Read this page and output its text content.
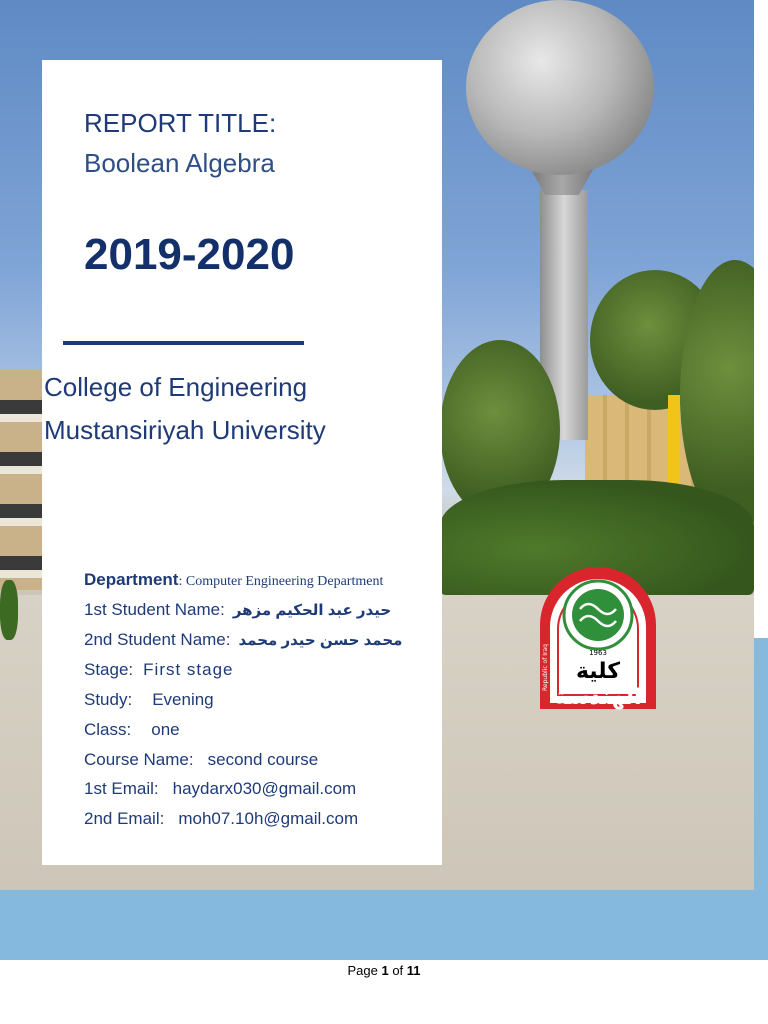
REPORT TITLE:
Boolean Algebra
2019-2020
College of Engineering
Mustansiriyah University
Department: Computer Engineering Department
1st Student Name: حيدر عبد الحكيم مزهر
2nd Student Name: محمد حسن حيدر محمد
Stage: First stage
Study: Evening
Class: one
Course Name: second course
1st Email: haydarx030@gmail.com
2nd Email: moh07.10h@gmail.com
1963
كلية
الهندسة
Republic of Iraq
Page 1 of 11
